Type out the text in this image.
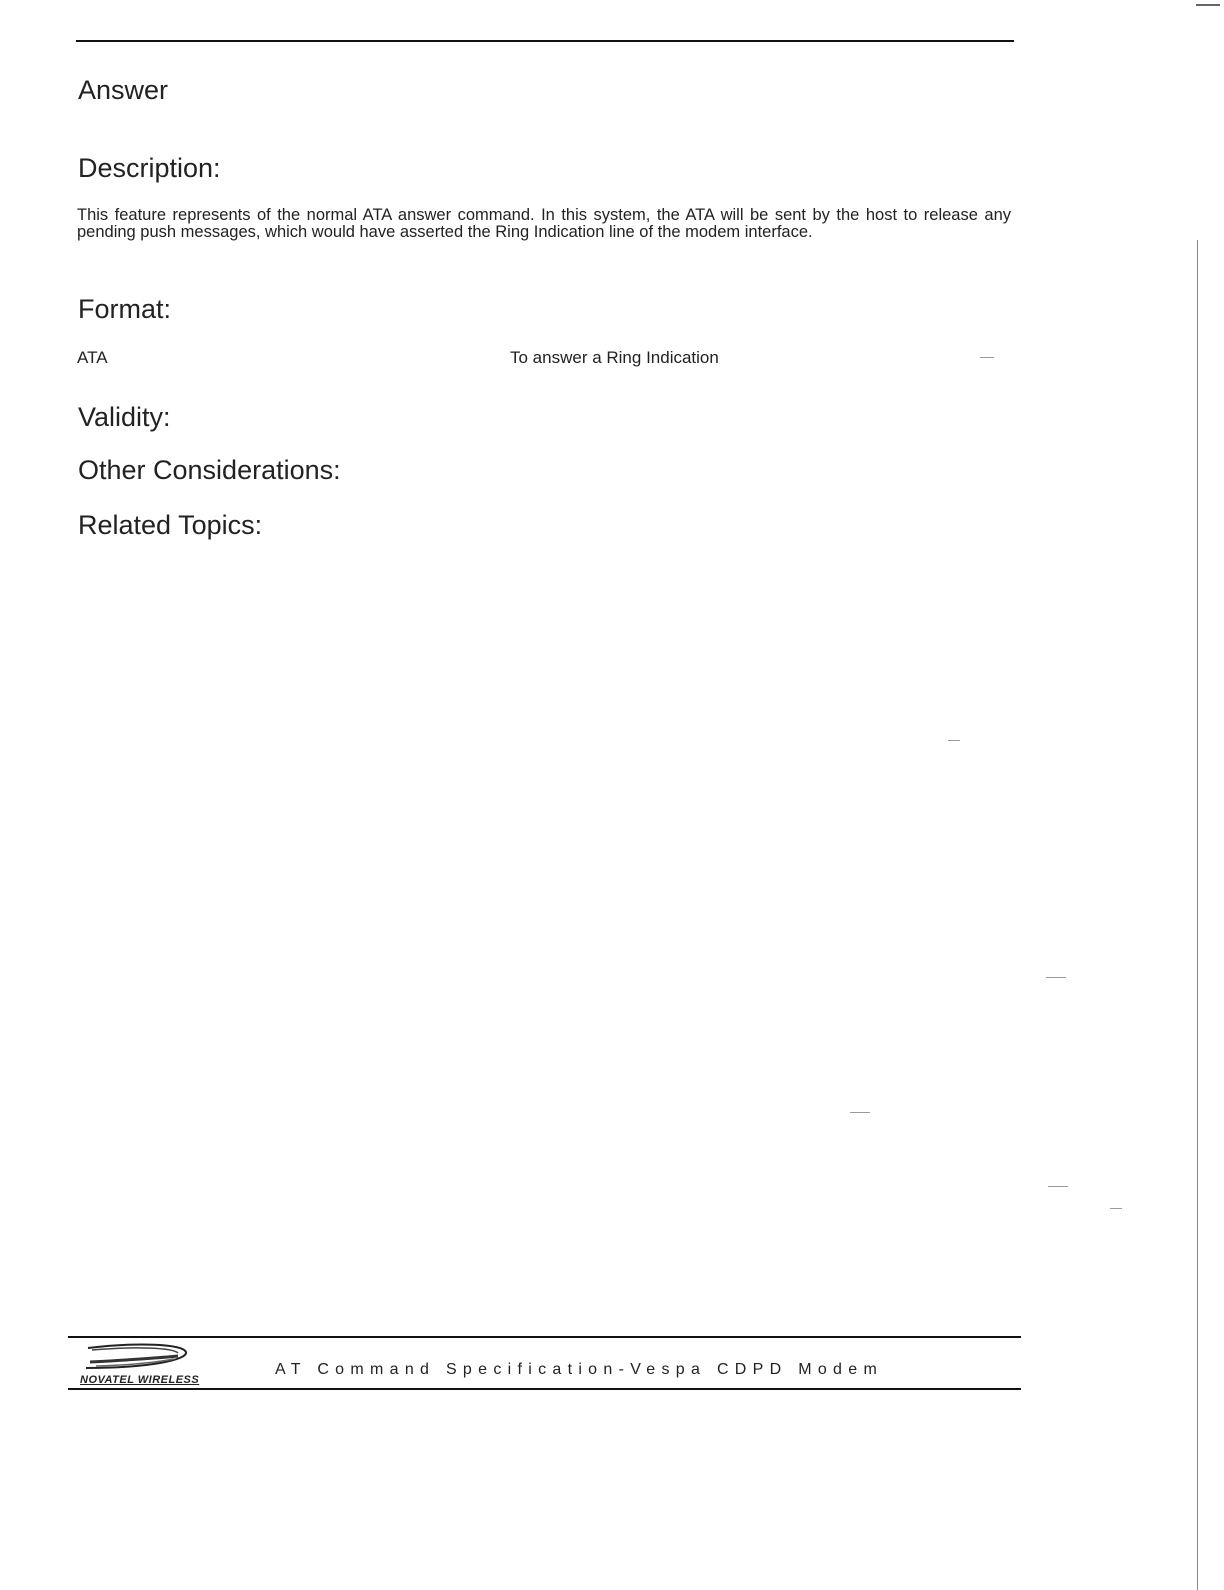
Answer
Description:

This feature represents of the normal ATA answer command. In this system, the ATA will be sent by the host to release any pending push messages, which would have asserted the Ring Indication line of the modem interface.

Format:
ATA	To answer a Ring Indication
Validity:
Other Considerations:
Related Topics:
NOVATEL WIRELESS
AT Command Specification-Vespa CDPD Modem
